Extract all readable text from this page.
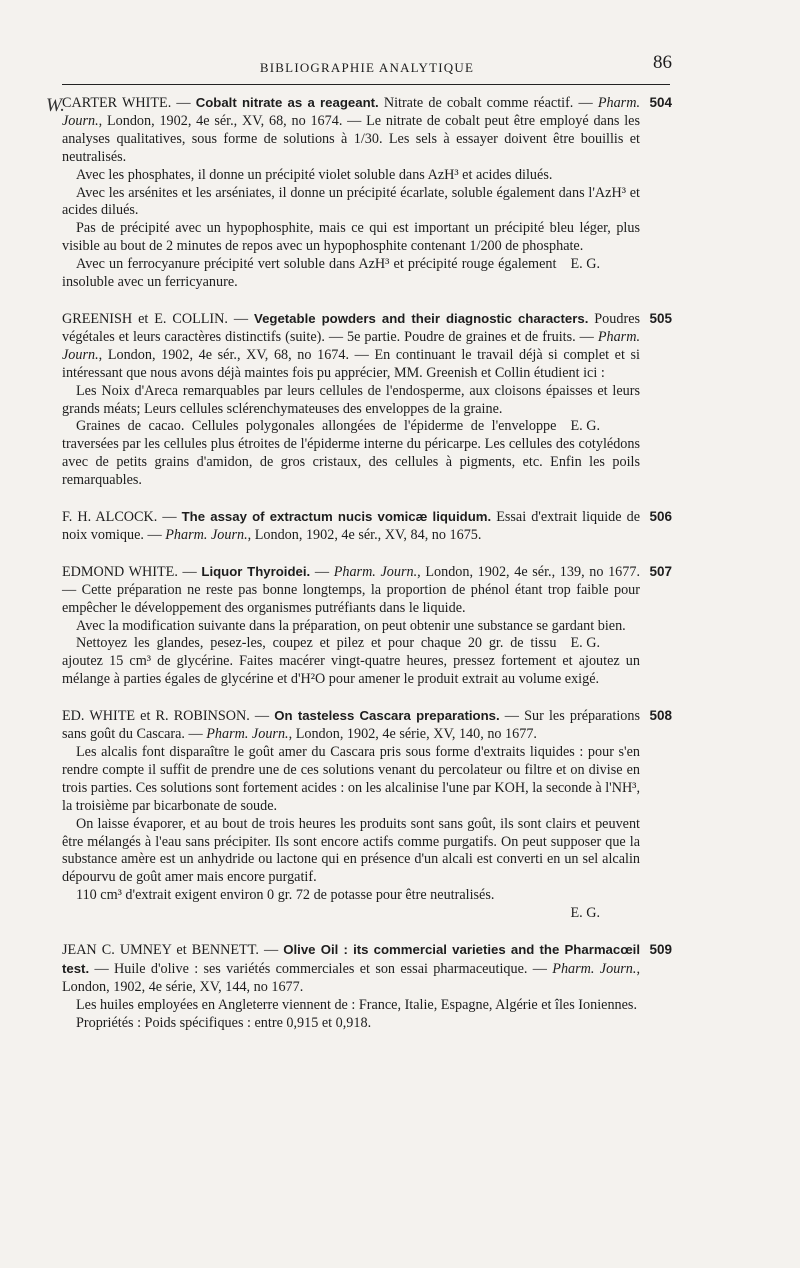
W.
BIBLIOGRAPHIE ANALYTIQUE	86
504

CARTER WHITE. — Cobalt nitrate as a reageant. Nitrate de cobalt comme réactif. — Pharm. Journ., London, 1902, 4e sér., XV, 68, no 1674. — Le nitrate de cobalt peut être employé dans les analyses qualitatives, sous forme de solutions à 1/30. Les sels à essayer doivent être bouillis et neutralisés.

Avec les phosphates, il donne un précipité violet soluble dans AzH³ et acides dilués.

Avec les arsénites et les arséniates, il donne un précipité écarlate, soluble également dans l'AzH³ et acides dilués.

Pas de précipité avec un hypophosphite, mais ce qui est important un précipité bleu léger, plus visible au bout de 2 minutes de repos avec un hypophosphite contenant 1/200 de phosphate.

E. G.
Avec un ferrocyanure précipité vert soluble dans AzH³ et précipité rouge également insoluble avec un ferricyanure.

505

GREENISH et E. COLLIN. — Vegetable powders and their diagnostic characters. Poudres végétales et leurs caractères distinctifs (suite). — 5e partie. Poudre de graines et de fruits. — Pharm. Journ., London, 1902, 4e sér., XV, 68, no 1674. — En continuant le travail déjà si complet et si intéressant que nous avons déjà maintes fois pu apprécier, MM. Greenish et Collin étudient ici :

Les Noix d'Areca remarquables par leurs cellules de l'endosperme, aux cloisons épaisses et leurs grands méats; Leurs cellules sclérenchymateuses des enveloppes de la graine.

E. G.
Graines de cacao. Cellules polygonales allongées de l'épiderme de l'enveloppe traversées par les cellules plus étroites de l'épiderme interne du péricarpe. Les cellules des cotylédons avec de petits grains d'amidon, de gros cristaux, des cellules à pigments, etc. Enfin les poils remarquables.

506

F. H. ALCOCK. — The assay of extractum nucis vomicæ liquidum. Essai d'extrait liquide de noix vomique. — Pharm. Journ., London, 1902, 4e sér., XV, 84, no 1675.

507

EDMOND WHITE. — Liquor Thyroidei. — Pharm. Journ., London, 1902, 4e sér., 139, no 1677. — Cette préparation ne reste pas bonne longtemps, la proportion de phénol étant trop faible pour empêcher le développement des organismes putréfiants dans le liquide.

Avec la modification suivante dans la préparation, on peut obtenir une substance se gardant bien.

E. G.
Nettoyez les glandes, pesez-les, coupez et pilez et pour chaque 20 gr. de tissu ajoutez 15 cm³ de glycérine. Faites macérer vingt-quatre heures, pressez fortement et ajoutez un mélange à parties égales de glycérine et d'H²O pour amener le produit extrait au volume exigé.

508

ED. WHITE et R. ROBINSON. — On tasteless Cascara preparations. — Sur les préparations sans goût du Cascara. — Pharm. Journ., London, 1902, 4e série, XV, 140, no 1677.

Les alcalis font disparaître le goût amer du Cascara pris sous forme d'extraits liquides : pour s'en rendre compte il suffit de prendre une de ces solutions venant du percolateur ou filtre et on divise en trois parties. Ces solutions sont fortement acides : on les alcalinise l'une par KOH, la seconde à l'NH³, la troisième par bicarbonate de soude.

On laisse évaporer, et au bout de trois heures les produits sont sans goût, ils sont clairs et peuvent être mélangés à l'eau sans précipiter. Ils sont encore actifs comme purgatifs. On peut supposer que la substance amère est un anhydride ou lactone qui en présence d'un alcali est converti en un sel alcalin dépourvu de goût amer mais encore purgatif.

110 cm³ d'extrait exigent environ 0 gr. 72 de potasse pour être neutralisés.

E. G.

509

JEAN C. UMNEY et BENNETT. — Olive Oil : its commercial varieties and the Pharmacœil test. — Huile d'olive : ses variétés commerciales et son essai pharmaceutique. — Pharm. Journ., London, 1902, 4e série, XV, 144, no 1677.

Les huiles employées en Angleterre viennent de : France, Italie, Espagne, Algérie et îles Ioniennes.

Propriétés : Poids spécifiques : entre 0,915 et 0,918.
